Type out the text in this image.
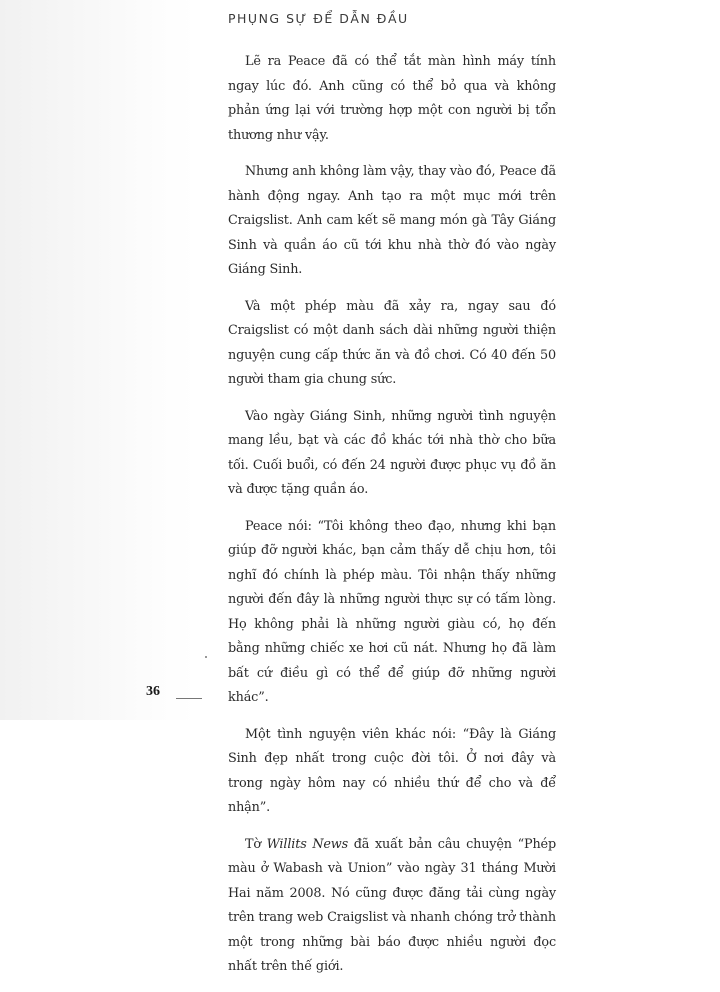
PHỤNG SỰ ĐỂ DẪN ĐẦU

Lẽ ra Peace đã có thể tắt màn hình máy tính ngay lúc đó. Anh cũng có thể bỏ qua và không phản ứng lại với trường hợp một con người bị tổn thương như vậy.

Nhưng anh không làm vậy, thay vào đó, Peace đã hành động ngay. Anh tạo ra một mục mới trên Craigslist. Anh cam kết sẽ mang món gà Tây Giáng Sinh và quần áo cũ tới khu nhà thờ đó vào ngày Giáng Sinh.

Và một phép màu đã xảy ra, ngay sau đó Craigslist có một danh sách dài những người thiện nguyện cung cấp thức ăn và đồ chơi. Có 40 đến 50 người tham gia chung sức.

Vào ngày Giáng Sinh, những người tình nguyện mang lều, bạt và các đồ khác tới nhà thờ cho bữa tối. Cuối buổi, có đến 24 người được phục vụ đồ ăn và được tặng quần áo.

Peace nói: “Tôi không theo đạo, nhưng khi bạn giúp đỡ người khác, bạn cảm thấy dễ chịu hơn, tôi nghĩ đó chính là phép màu. Tôi nhận thấy những người đến đây là những người thực sự có tấm lòng. Họ không phải là những người giàu có, họ đến bằng những chiếc xe hơi cũ nát. Nhưng họ đã làm bất cứ điều gì có thể để giúp đỡ những người khác”.

Một tình nguyện viên khác nói: “Đây là Giáng Sinh đẹp nhất trong cuộc đời tôi. Ở nơi đây và trong ngày hôm nay có nhiều thứ để cho và để nhận”.

Tờ Willits News đã xuất bản câu chuyện “Phép màu ở Wabash và Union” vào ngày 31 tháng Mười Hai năm 2008. Nó cũng được đăng tải cùng ngày trên trang web Craigslist và nhanh chóng trở thành một trong những bài báo được nhiều người đọc nhất trên thế giới.

36
